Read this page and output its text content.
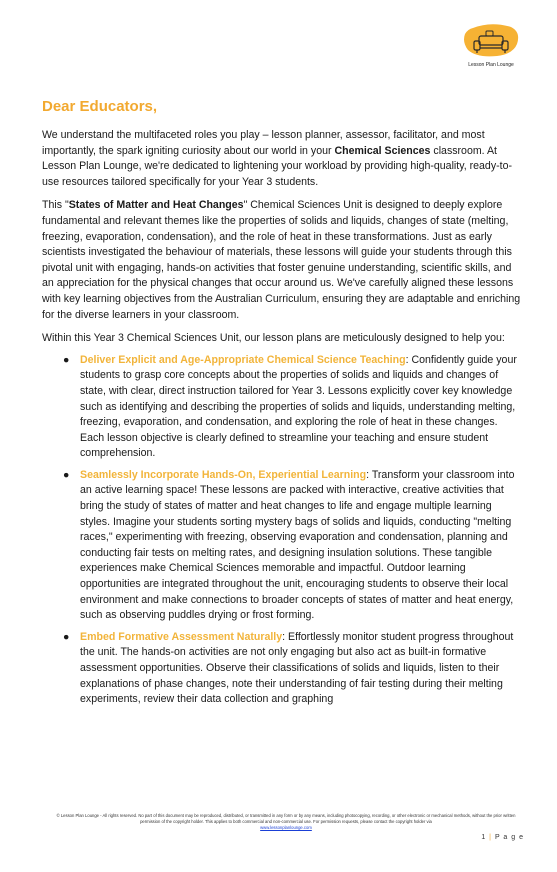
Lesson Plan Lounge
Dear Educators,

We understand the multifaceted roles you play – lesson planner, assessor, facilitator, and most importantly, the spark igniting curiosity about our world in your Chemical Sciences classroom. At Lesson Plan Lounge, we're dedicated to lightening your workload by providing high-quality, ready-to-use resources tailored specifically for your Year 3 students.

This "States of Matter and Heat Changes" Chemical Sciences Unit is designed to deeply explore fundamental and relevant themes like the properties of solids and liquids, changes of state (melting, freezing, evaporation, condensation), and the role of heat in these transformations. Just as early scientists investigated the behaviour of materials, these lessons will guide your students through this pivotal unit with engaging, hands-on activities that foster genuine understanding, scientific skills, and an appreciation for the physical changes that occur around us. We've carefully aligned these lessons with key learning objectives from the Australian Curriculum, ensuring they are adaptable and enriching for the diverse learners in your classroom.

Within this Year 3 Chemical Sciences Unit, our lesson plans are meticulously designed to help you:

● Deliver Explicit and Age-Appropriate Chemical Science Teaching: Confidently guide your students to grasp core concepts about the properties of solids and liquids and changes of state, with clear, direct instruction tailored for Year 3. Lessons explicitly cover key knowledge such as identifying and describing the properties of solids and liquids, understanding melting, freezing, evaporation, and condensation, and exploring the role of heat in these changes. Each lesson objective is clearly defined to streamline your teaching and ensure student comprehension.
● Seamlessly Incorporate Hands-On, Experiential Learning: Transform your classroom into an active learning space! These lessons are packed with interactive, creative activities that bring the study of states of matter and heat changes to life and engage multiple learning styles. Imagine your students sorting mystery bags of solids and liquids, conducting "melting races," experimenting with freezing, observing evaporation and condensation, planning and conducting fair tests on melting rates, and designing insulation solutions. These tangible experiences make Chemical Sciences memorable and impactful. Outdoor learning opportunities are integrated throughout the unit, encouraging students to observe their local environment and make connections to broader concepts of states of matter and heat energy, such as observing puddles drying or frost forming.
● Embed Formative Assessment Naturally: Effortlessly monitor student progress throughout the unit. The hands-on activities are not only engaging but also act as built-in formative assessment opportunities. Observe their classifications of solids and liquids, listen to their explanations of phase changes, note their understanding of fair testing during their melting experiments, review their data collection and graphing
© Lesson Plan Lounge - All rights reserved. No part of this document may be reproduced, distributed, or transmitted in any form or by any means, including photocopying, recording, or other electronic or mechanical methods, without the prior written permission of the copyright holder. This applies to both commercial and non-commercial use. For permission requests, please contact the copyright holder via
www.lessonplanlounge.com
1 | P a g e
